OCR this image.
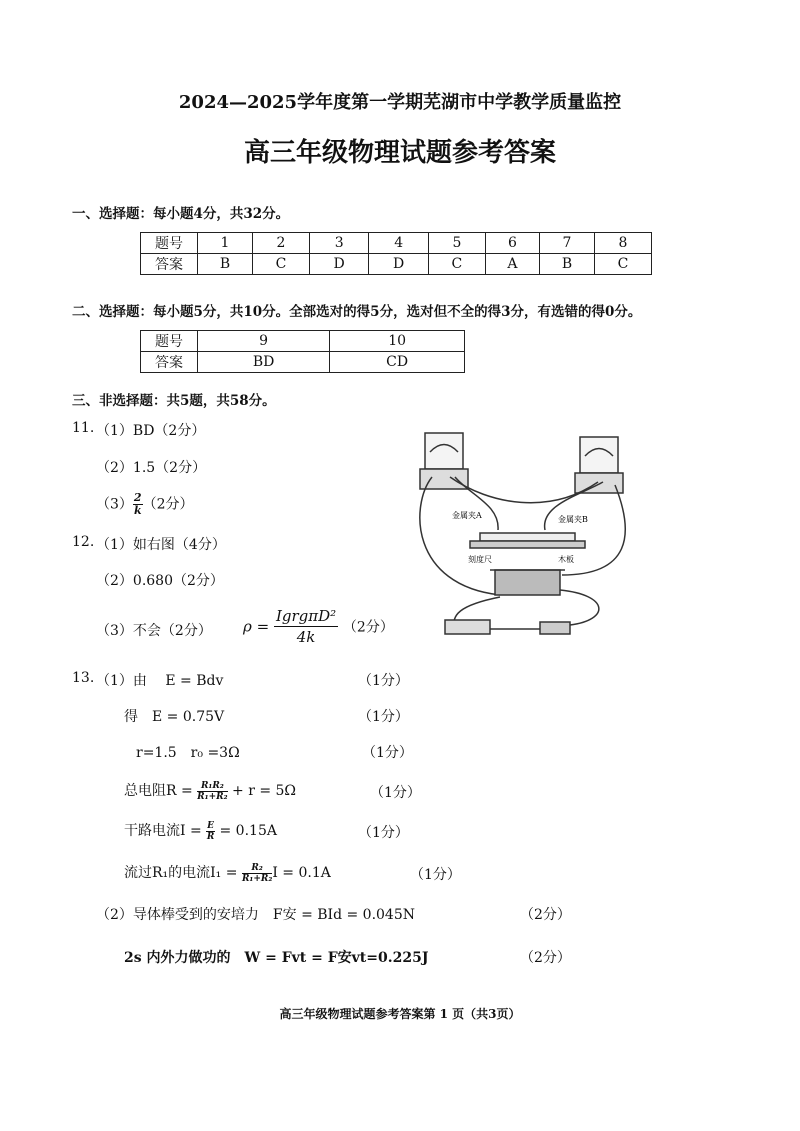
2024—2025学年度第一学期芜湖市中学教学质量监控
高三年级物理试题参考答案
一、选择题：每小题4分，共32分。
题号	1	2	3	4	5	6	7	8
答案	B	C	D	D	C	A	B	C
二、选择题：每小题5分，共10分。全部选对的得5分，选对但不全的得3分，有选错的得0分。
题号	9	10
答案	BD	CD
三、非选择题：共5题，共58分。
11. （1）BD（2分）
（2）1.5（2分）
$(3) \frac{2}{k} (2$分）
12. （1）如右图（4分）
（2）0.680（2分）
（3）不会（2分） ρ =
IgrgπD²
4k
（2分）
金属夹A	金属夹B
刻度尺	木板
13. （1）由　 E = Bdv	（1分）
得　E = 0.75V	（1分）
r=1.5　r₀ =3Ω	（1分）
总电阻$R = \frac{\text{R₁R₂}}{\text{R₁+R₂}} + r = 5\Omega$	（1分）
干路电流$I = \frac{E}{R} = 0.15A$	（1分）
流过R₁的电流$I_1 = \frac{\text{R₂}}{\text{R₁+R₂}}$ I = 0.1A	（1分）
（2）导体棒受到的安培力　F安 = BId = 0.045N	（2分）
2s 内外力做功的　W = Fvt = F安vt=0.225J	（2分）
高三年级物理试题参考答案第 1 页（共3页）
